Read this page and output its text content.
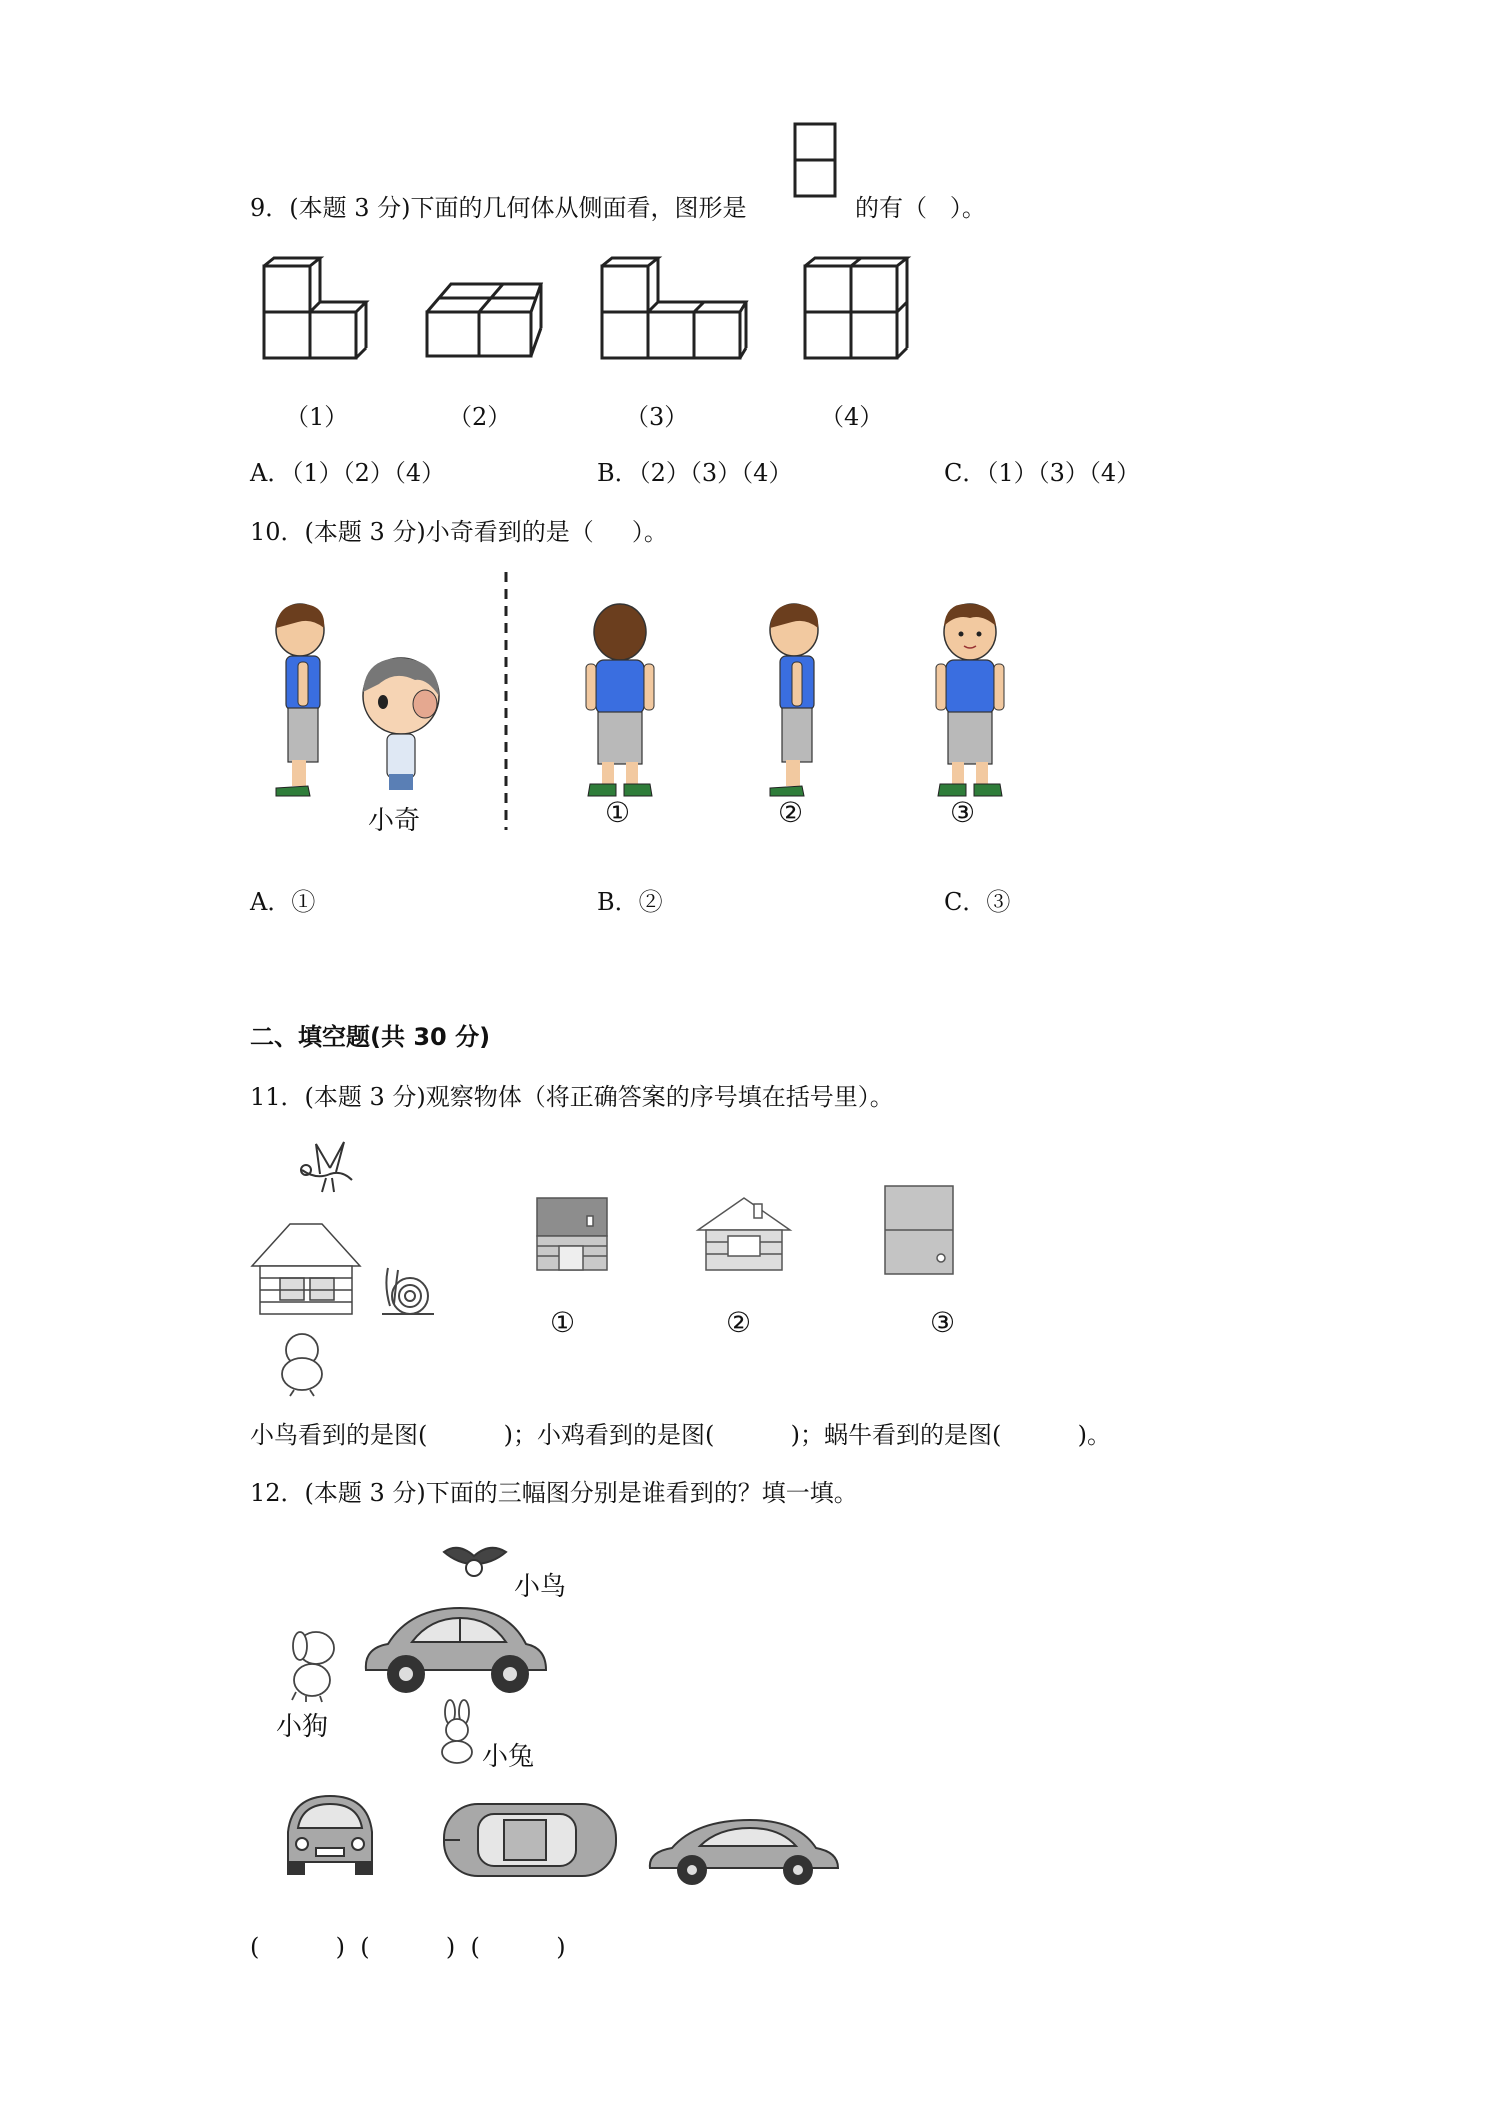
9．(本题 3 分)下面的几何体从侧面看，图形是	的有（   ）。
（1）	（2）	（3）	（4）
A．（1）（2）（4）	B．（2）（3）（4）	C．（1）（3）（4）
10．(本题 3 分)小奇看到的是（     ）。
小奇	①	②	③
A．①	B．②	C．③
二、填空题(共 30 分)
11．(本题 3 分)观察物体（将正确答案的序号填在括号里）。
①	②	③
小鸟看到的是图(          )；小鸡看到的是图(          )；蜗牛看到的是图(          )。
12．(本题 3 分)下面的三幅图分别是谁看到的？填一填。
小鸟
小狗
小兔
(          )  (          )  (          )
